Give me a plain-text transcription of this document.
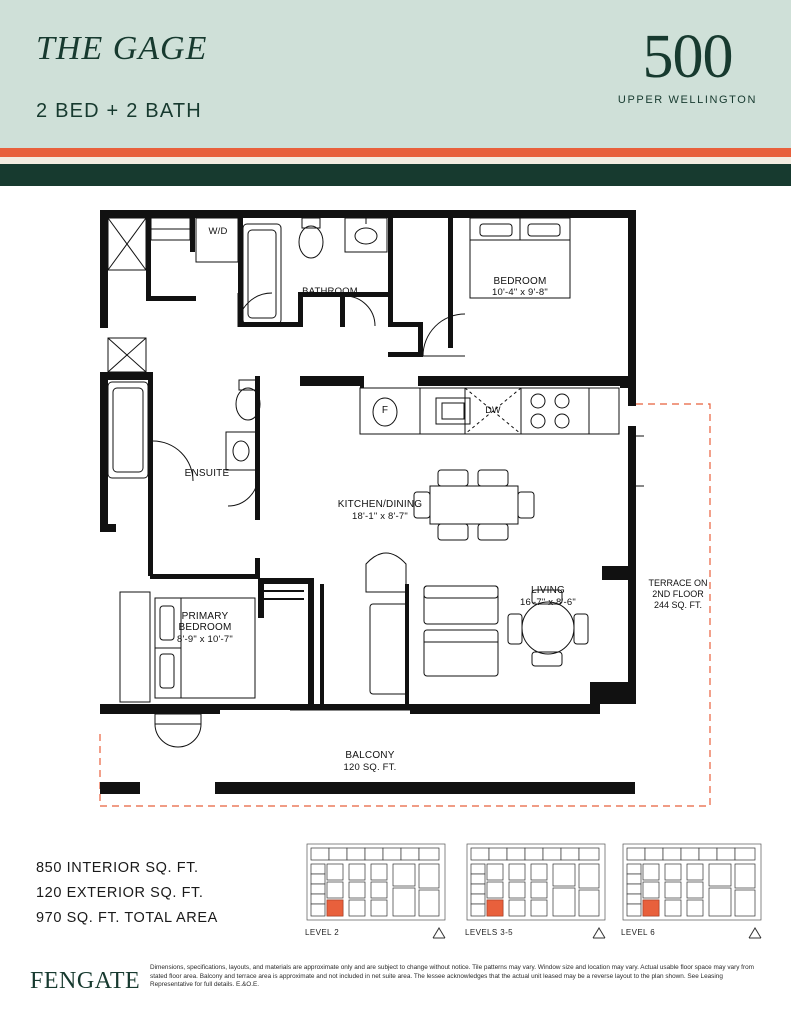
THE GAGE
2 BED + 2 BATH
500
UPPER WELLINGTON
W/D
BATHROOM
BEDROOM
10'-4" x 9'-8"
ENSUITE
F	DW
KITCHEN/DINING
18'-1" x 8'-7"
LIVING
16'-7" x 8'-6"
PRIMARY
BEDROOM
8'-9" x 10'-7"
BALCONY
120 SQ. FT.
TERRACE ON
2ND FLOOR
244 SQ. FT.
850 INTERIOR SQ. FT.
120 EXTERIOR SQ. FT.
970 SQ. FT. TOTAL AREA
LEVEL 2	LEVELS 3-5	LEVEL 6
FENGATE
Dimensions, specifications, layouts, and materials are approximate only and are subject to change without notice. Tile patterns may vary. Window size and location may vary. Actual usable floor space may vary from stated floor area. Balcony and terrace area is approximate and not included in net suite area. The lessee acknowledges that the actual unit leased may be a reverse layout to the plan shown. See Leasing Representative for full details. E.&O.E.
